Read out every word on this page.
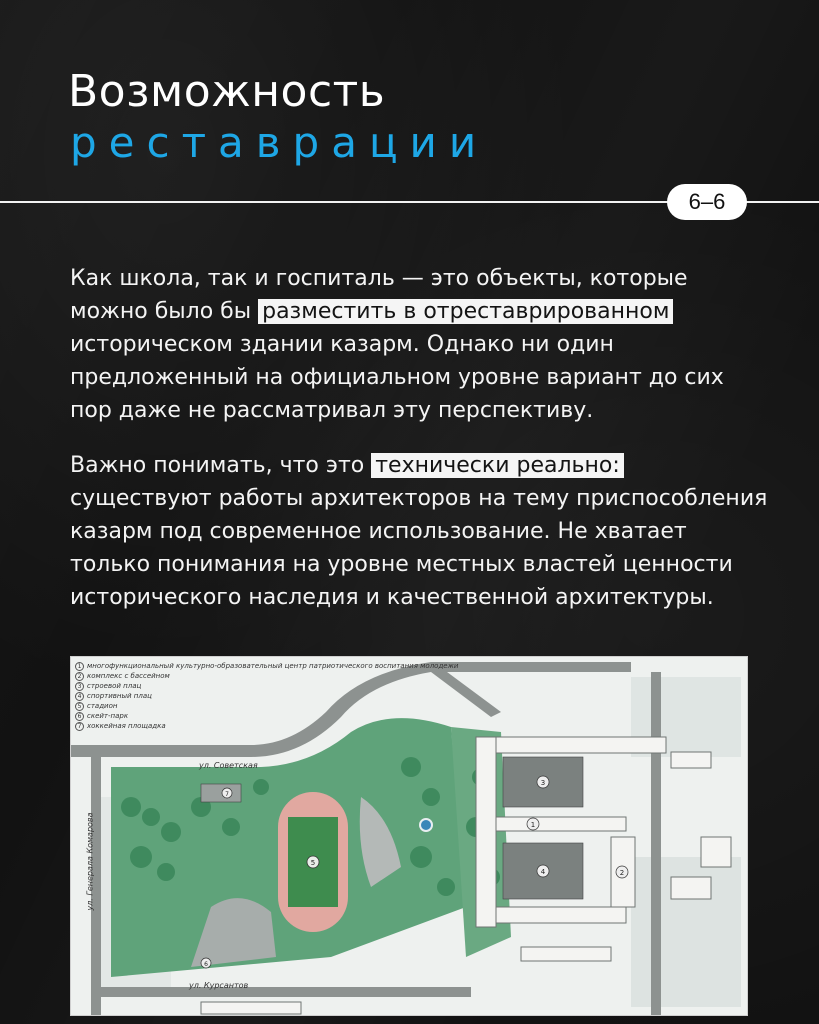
Возможность
реставрации
6–6

Как школа, так и госпиталь — это объекты, которые можно было бы разместить в отреставрированном историческом здании казарм. Однако ни один предложенный на официальном уровне вариант до сих пор даже не рассматривал эту перспективу.

Важно понимать, что это технически реально: существуют работы архитекторов на тему приспособления казарм под современное использование. Не хватает только понимания на уровне местных властей ценности исторического наследия и качественной архитектуры.

5
7
6
3
4
1
2
1 многофункциональный культурно-образовательный центр патриотического воспитания молодежи
2 комплекс с бассейном
3 строевой плац
4 спортивный плац
5 стадион
6 скейт-парк
7 хоккейная площадка
ул. Советская
ул. Генерала Комарова
ул. Курсантов
